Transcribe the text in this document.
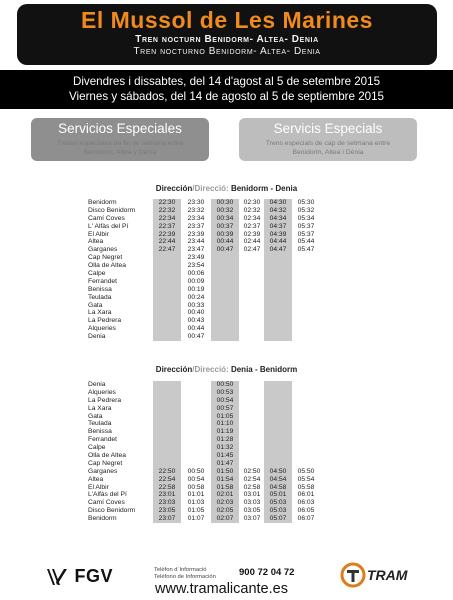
El Mussol de Les Marines
Tren nocturn Benidorm- Altea- Denia
Tren nocturno Benidorm- Altea- Denia
Divendres i dissabtes, del 14 d'agost al 5 de setembre 2015
Viernes y sábados, del 14 de agosto al 5 de septiembre 2015
Servicios Especiales
Trenes especiales de fin de semana entre
Benidorm, Altea y Dénia
Servicis Especials
Trens especials de cap de setmana entre
Benidorm, Altea i Dénia
Dirección/Direcció: Benidorm - Denia
Benidorm
Disco Benidorm
Camí Coves
L' Alfàs del Pí
El Albir
Altea
Garganes
Cap Negret
Olla de Altea
Calpe
Ferrandet
Benissa
Teulada
Gata
La Xara
La Pedrera
Alqueries
Denia
22:30
22:32
22:34
22:37
22:39
22:44
22:47
23:30
23:32
23:34
23:37
23:39
23:44
23:47
23:49
23:54
00:06
00:09
00:19
00:24
00:33
00:40
00:43
00:44
00:47
00:30
00:32
00:34
00:37
00:39
00:44
00:47
02:30
02:32
02:34
02:37
02:39
02:44
02:47
04:30
04:32
04:34
04:37
04:39
04:44
04:47
05:30
05:32
05:34
05:37
05:37
05:44
05:47
Dirección/Direcció: Denia - Benidorm
Denia
Alqueries
La Pedrera
La Xara
Gata
Teulada
Benissa
Ferrandet
Calpe
Olla de Altea
Cap Negret
Garganes
Altea
El Albir
L'Alfàs del Pí
Camí Coves
Disco Benidorm
Benidorm
22:50
22:54
22:58
23:01
23:03
23:05
23:07
00:50
00:54
00:58
01:01
01:03
01:05
01:07
00:50
00:53
00:54
00:57
01:05
01:10
01:19
01:28
01:32
01:45
01:47
01:50
01:54
01:58
02:01
02:03
02:05
02:07
02:50
02:54
02:58
03:01
03:03
03:05
03:07
04:50
04:54
04:58
05:01
05:03
05:03
05:07
05:50
05:54
05:58
06:01
06:03
06:05
06:07
FGV	Telèfon d´Informació
Teléfono de Información 900 72 04 72
www.tramalicante.es
TRAM
